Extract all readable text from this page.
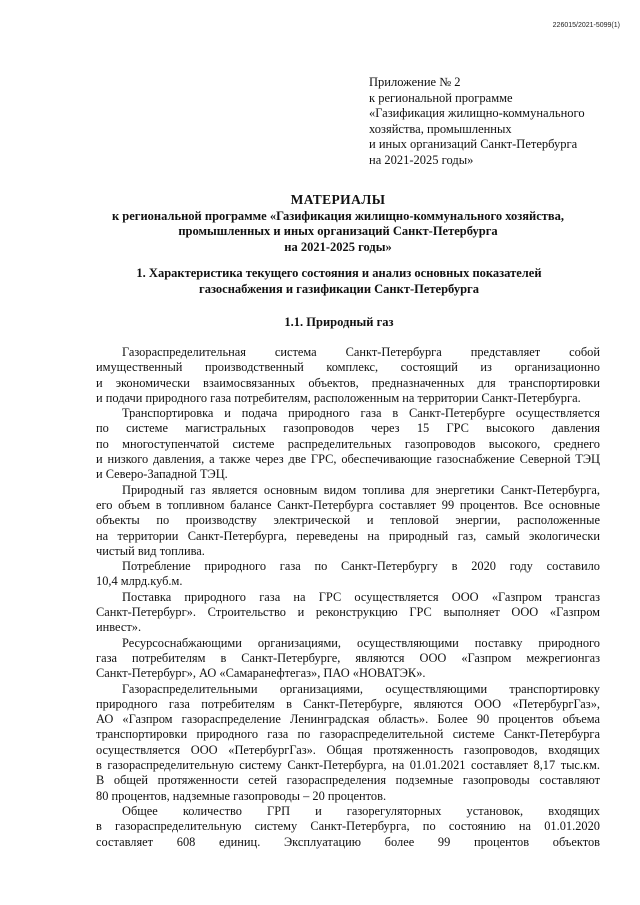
226015/2021-5099(1)
Приложение № 2
к региональной программе
«Газификация жилищно-коммунального
хозяйства, промышленных
и иных организаций Санкт-Петербурга
на 2021-2025 годы»
МАТЕРИАЛЫ
к региональной программе «Газификация жилищно-коммунального хозяйства,
промышленных и иных организаций Санкт-Петербурга
на 2021-2025 годы»
1. Характеристика текущего состояния и анализ основных показателей
газоснабжения и газификации Санкт-Петербурга
1.1. Природный газ

Газораспределительная система Санкт-Петербурга представляет собой
имущественный производственный комплекс, состоящий из организационно
и экономически взаимосвязанных объектов, предназначенных для транспортировки
и подачи природного газа потребителям, расположенным на территории Санкт-Петербурга.

Транспортировка и подача природного газа в Санкт-Петербурге осуществляется
по системе магистральных газопроводов через 15 ГРС высокого давления
по многоступенчатой системе распределительных газопроводов высокого, среднего
и низкого давления, а также через две ГРС, обеспечивающие газоснабжение Северной ТЭЦ
и Северо-Западной ТЭЦ.

Природный газ является основным видом топлива для энергетики Санкт-Петербурга,
его объем в топливном балансе Санкт-Петербурга составляет 99 процентов. Все основные
объекты по производству электрической и тепловой энергии, расположенные
на территории Санкт-Петербурга, переведены на природный газ, самый экологически
чистый вид топлива.

Потребление природного газа по Санкт-Петербургу в 2020 году составило
10,4 млрд.куб.м.

Поставка природного газа на ГРС осуществляется ООО «Газпром трансгаз
Санкт-Петербург». Строительство и реконструкцию ГРС выполняет ООО «Газпром
инвест».

Ресурсоснабжающими организациями, осуществляющими поставку природного
газа потребителям в Санкт-Петербурге, являются ООО «Газпром межрегионгаз
Санкт-Петербург», АО «Самаранефтегаз», ПАО «НОВАТЭК».

Газораспределительными организациями, осуществляющими транспортировку
природного газа потребителям в Санкт-Петербурге, являются ООО «ПетербургГаз»,
АО «Газпром газораспределение Ленинградская область». Более 90 процентов объема
транспортировки природного газа по газораспределительной системе Санкт-Петербурга
осуществляется ООО «ПетербургГаз». Общая протяженность газопроводов, входящих
в газораспределительную систему Санкт-Петербурга, на 01.01.2021 составляет 8,17 тыс.км.
В общей протяженности сетей газораспределения подземные газопроводы составляют
80 процентов, надземные газопроводы – 20 процентов.

Общее количество ГРП и газорегуляторных установок, входящих
в газораспределительную систему Санкт-Петербурга, по состоянию на 01.01.2020
составляет 608 единиц. Эксплуатацию более 99 процентов объектов
